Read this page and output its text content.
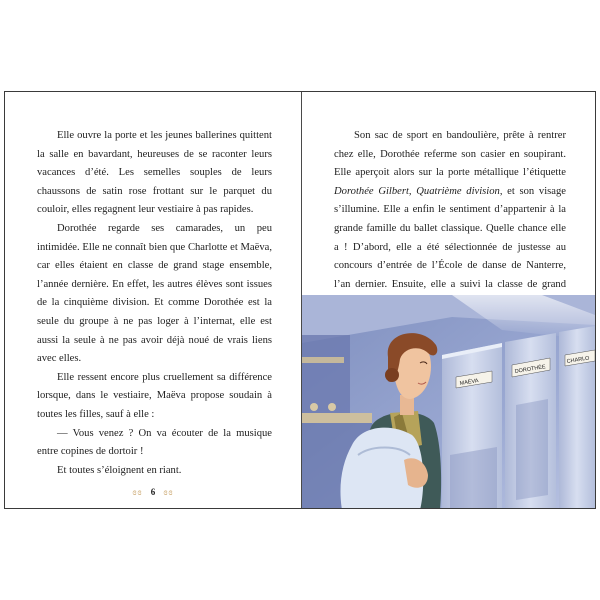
Elle ouvre la porte et les jeunes ballerines quittent la salle en bavardant, heureuses de se raconter leurs vacances d’été. Les semelles souples de leurs chaussons de satin rose frottant sur le parquet du couloir, elles regagnent leur vestiaire à pas rapides.

Dorothée regarde ses camarades, un peu intimidée. Elle ne connaît bien que Charlotte et Maëva, car elles étaient en classe de grand stage ensemble, l’année dernière. En effet, les autres élèves sont issues de la cinquième division. Et comme Dorothée est la seule du groupe à ne pas loger à l’internat, elle est aussi la seule à ne pas avoir déjà noué de vrais liens avec elles.

Elle ressent encore plus cruellement sa différence lorsque, dans le vestiaire, Maëva propose soudain à toutes les filles, sauf à elle :

— Vous venez ? On va écouter de la musique entre copines de dortoir !

Et toutes s’éloignent en riant.

ɞɞ 6 ɞɞ

Son sac de sport en bandoulière, prête à rentrer chez elle, Dorothée referme son casier en soupirant. Elle aperçoit alors sur la porte métallique l’étiquette Dorothée Gilbert, Quatrième division, et son visage s’illumine. Elle a enfin le sentiment d’appartenir à la grande famille du ballet classique. Quelle chance elle a ! D’abord, elle a été sélectionnée de justesse au concours d’entrée de l’École de danse de Nanterre, l’an dernier. Ensuite, elle a suivi la classe de grand

MAËVA
DOROTHÉE
CHARLO
